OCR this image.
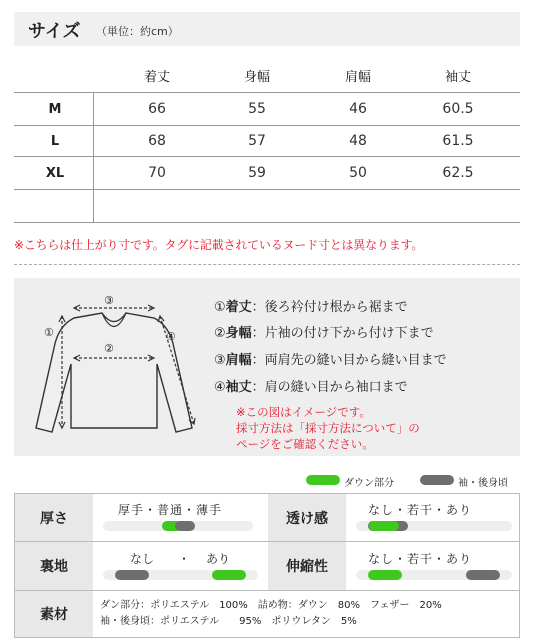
サイズ （単位：約cm）
着丈	身幅	肩幅	袖丈
M	66	55	46	60.5
L	68	57	48	61.5
XL	70	59	50	62.5
※こちらは仕上がり寸です。タグに記載されているヌード寸とは異なります。
③
①
②
④
①着丈：後ろ衿付け根から裾まで
②身幅：片袖の付け下から付け下まで
③肩幅：両肩先の縫い目から縫い目まで
④袖丈：肩の縫い目から袖口まで
※この図はイメージです。
採寸方法は「採寸方法について」の
ページをご確認ください。
ダウン部分	袖・後身頃
厚さ
厚手・普通・薄手
透け感
なし・若干・あり
裏地	なし ・ あり	伸縮性	なし・若干・あり
素材
ダン部分：ポリエステル　100%　詰め物：ダウン　80%　フェザー　20%
袖・後身頃：ポリエステル　　95%　ポリウレタン　5%
